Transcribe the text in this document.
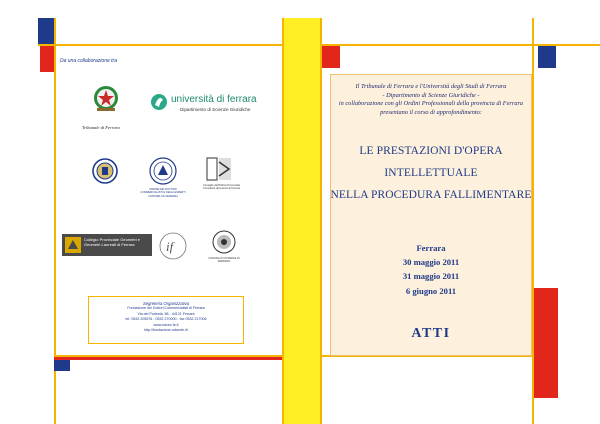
Da una collaborazione tra
Tribunale di Ferrara
università di ferrara
Dipartimento di Scienze Giuridiche
ORDINE DEI DOTTORI COMMERCIALISTI E DEGLI ESPERTI CONTABILI DI FERRARA
Consiglio dell'Ordine Provinciale Consulenti del Lavoro di Ferrara
Collegio Provinciale Geometri e Geometri Laureati di Ferrara	if
CONSIGLIO NOTARILE DI FERRARA
Segreteria Organizzativa
Fondazione dei Dottori Commercialisti di Ferrara
Via del Podestà, 58 - 44121 Ferrara
tel. 0532 205576 - 0532 270000 - fax 0532 217006
www.odcec.fe.it
http://fondazione.odcecfe.it/
Il Tribunale di Ferrara e l'Università degli Studi di Ferrara
- Dipartimento di Scienze Giuridiche -
in collaborazione con gli Ordini Professionali della provincia di Ferrara
presentano il corso di approfondimento:
LE PRESTAZIONI D'OPERA
INTELLETTUALE
NELLA PROCEDURA FALLIMENTARE
Ferrara
30 maggio 2011
31 maggio 2011
6 giugno 2011
ATTI
